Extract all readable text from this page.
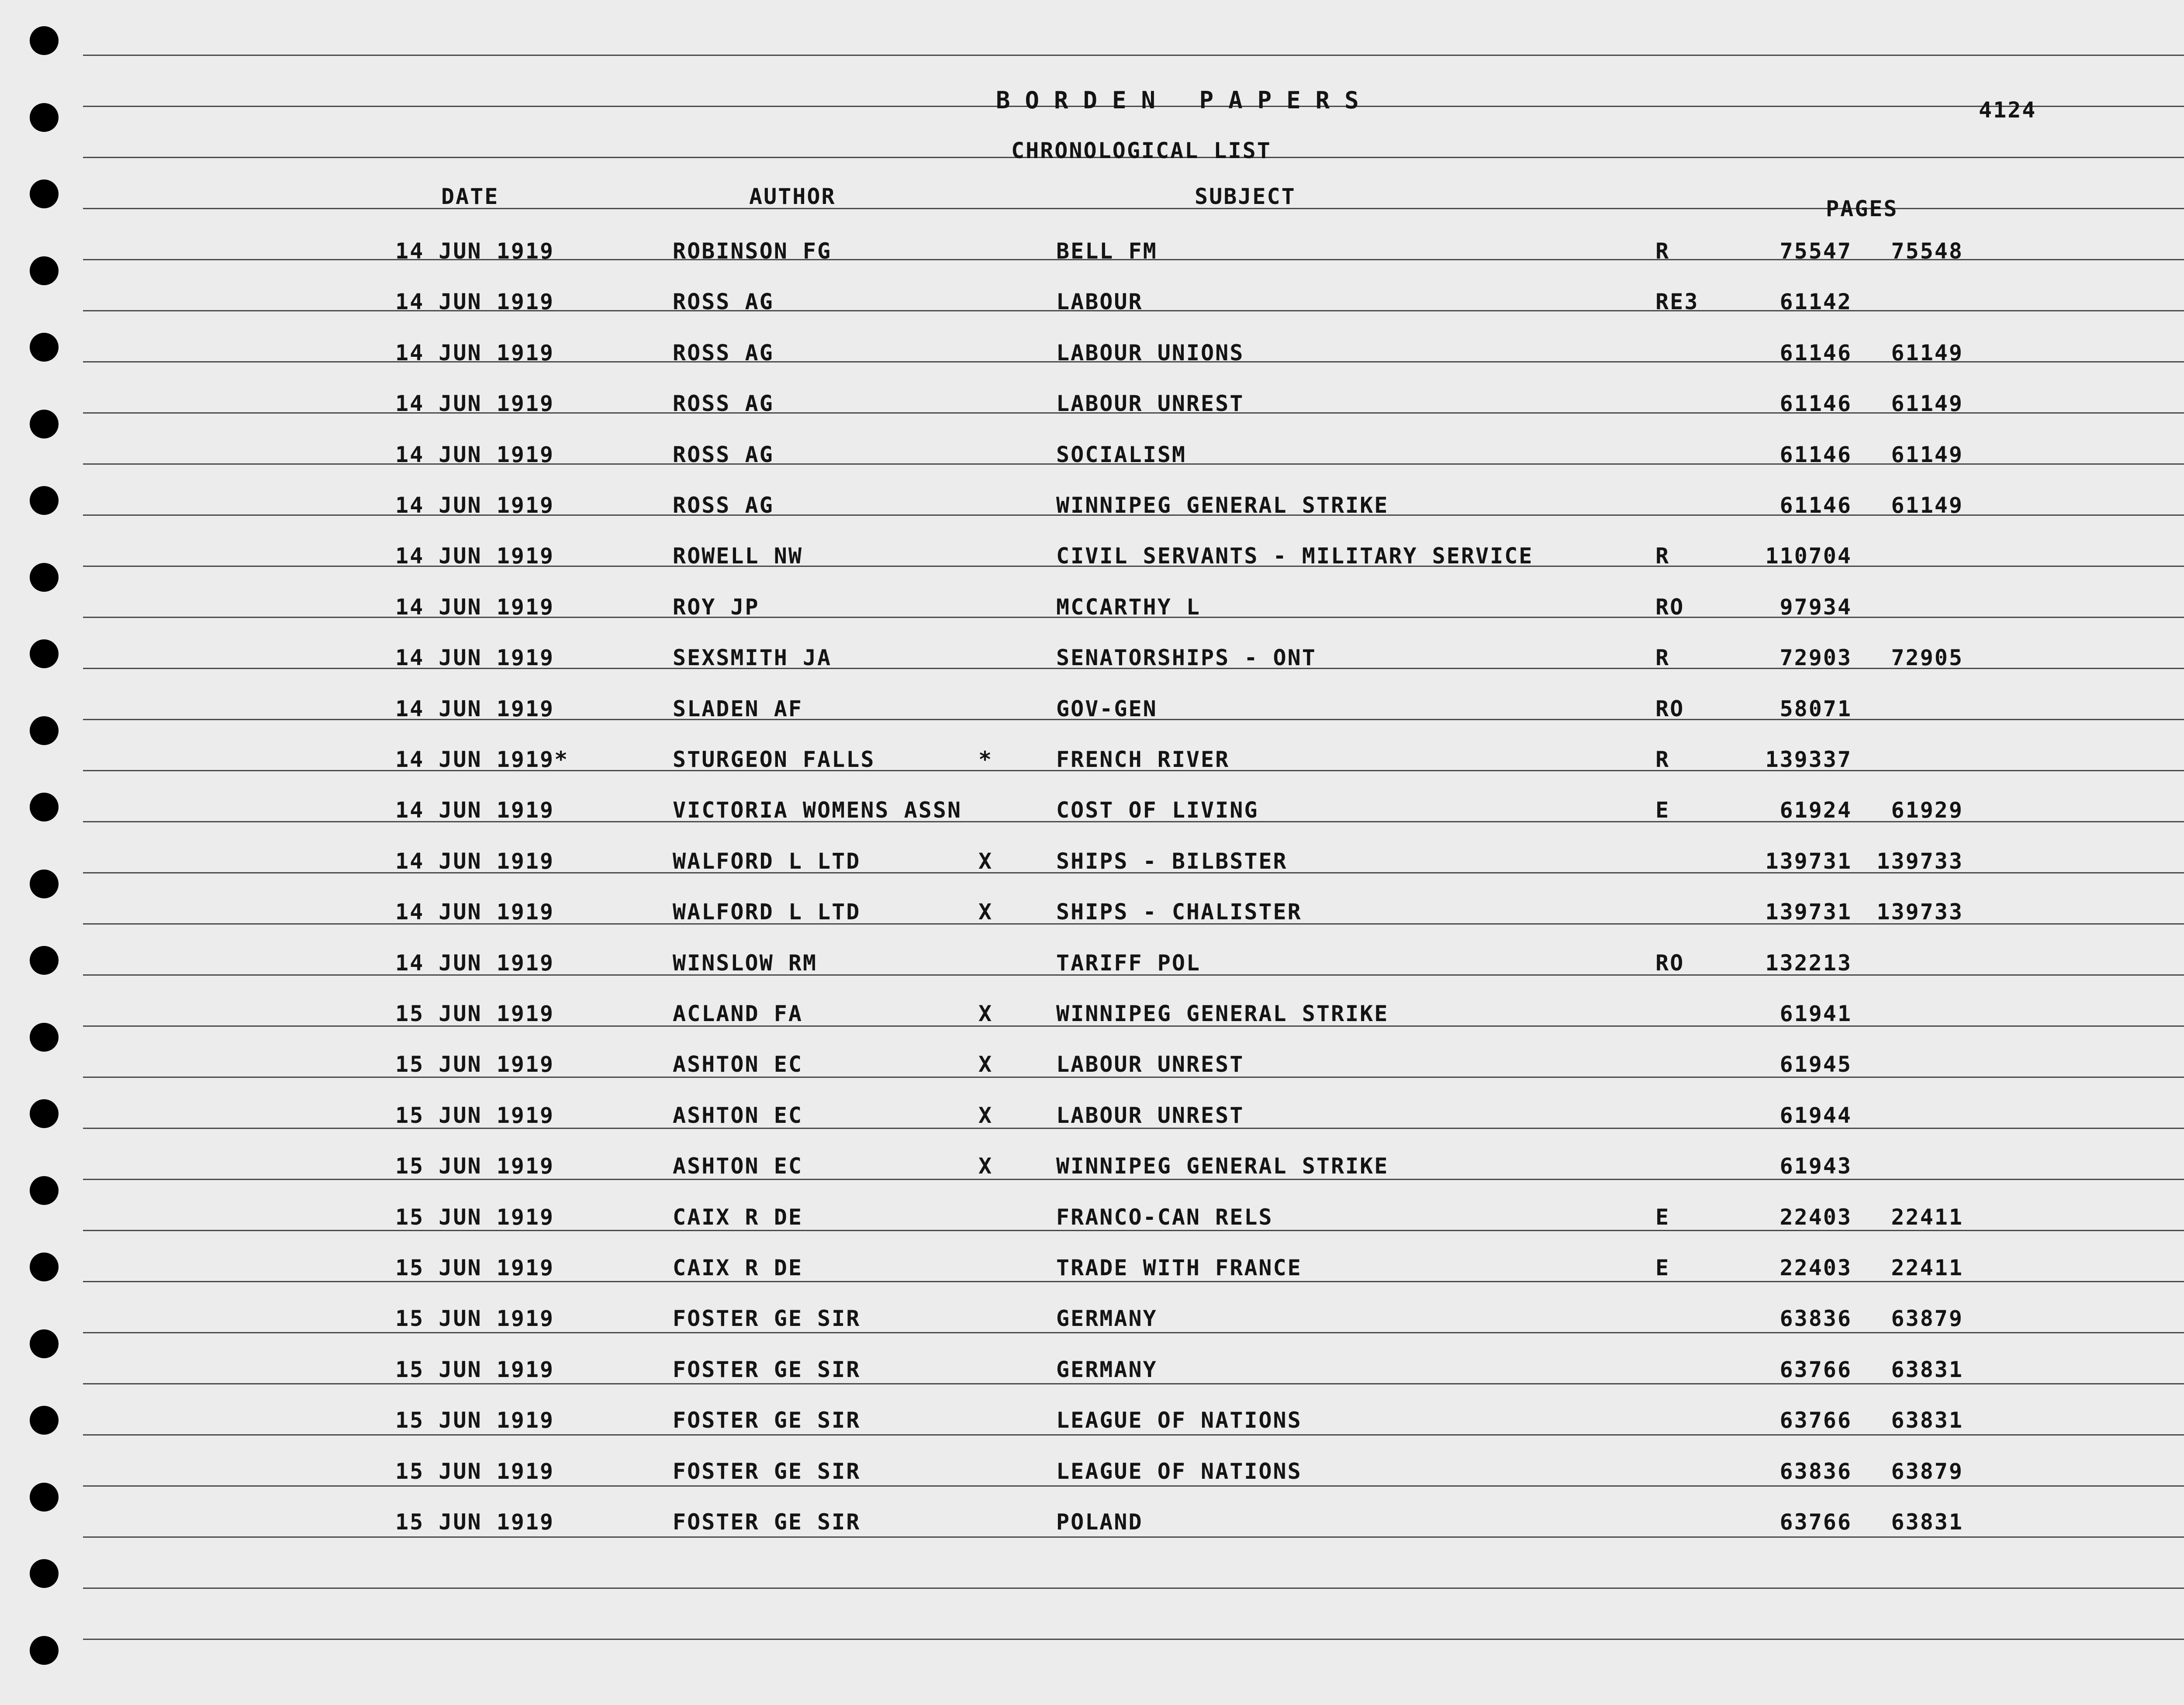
BORDEN PAPERS
CHRONOLOGICAL LIST
4124
DATE	AUTHOR	SUBJECT	PAGES
14 JUN 1919	ROBINSON FG	BELL FM	R	75547	75548
14 JUN 1919	ROSS AG	LABOUR	RE3	61142
14 JUN 1919	ROSS AG	LABOUR UNIONS	61146	61149
14 JUN 1919	ROSS AG	LABOUR UNREST	61146	61149
14 JUN 1919	ROSS AG	SOCIALISM	61146	61149
14 JUN 1919	ROSS AG	WINNIPEG GENERAL STRIKE	61146	61149
14 JUN 1919	ROWELL NW	CIVIL SERVANTS - MILITARY SERVICE	R	110704
14 JUN 1919	ROY JP	MCCARTHY L	RO	97934
14 JUN 1919	SEXSMITH JA	SENATORSHIPS - ONT	R	72903	72905
14 JUN 1919	SLADEN AF	GOV-GEN	RO	58071
14 JUN 1919*	STURGEON FALLS	*	FRENCH RIVER	R	139337
14 JUN 1919	VICTORIA WOMENS ASSN	COST OF LIVING	E	61924	61929
14 JUN 1919	WALFORD L LTD	X	SHIPS - BILBSTER	139731	139733
14 JUN 1919	WALFORD L LTD	X	SHIPS - CHALISTER	139731	139733
14 JUN 1919	WINSLOW RM	TARIFF POL	RO	132213
15 JUN 1919	ACLAND FA	X	WINNIPEG GENERAL STRIKE	61941
15 JUN 1919	ASHTON EC	X	LABOUR UNREST	61945
15 JUN 1919	ASHTON EC	X	LABOUR UNREST	61944
15 JUN 1919	ASHTON EC	X	WINNIPEG GENERAL STRIKE	61943
15 JUN 1919	CAIX R DE	FRANCO-CAN RELS	E	22403	22411
15 JUN 1919	CAIX R DE	TRADE WITH FRANCE	E	22403	22411
15 JUN 1919	FOSTER GE SIR	GERMANY	63836	63879
15 JUN 1919	FOSTER GE SIR	GERMANY	63766	63831
15 JUN 1919	FOSTER GE SIR	LEAGUE OF NATIONS	63766	63831
15 JUN 1919	FOSTER GE SIR	LEAGUE OF NATIONS	63836	63879
15 JUN 1919	FOSTER GE SIR	POLAND	63766	63831
